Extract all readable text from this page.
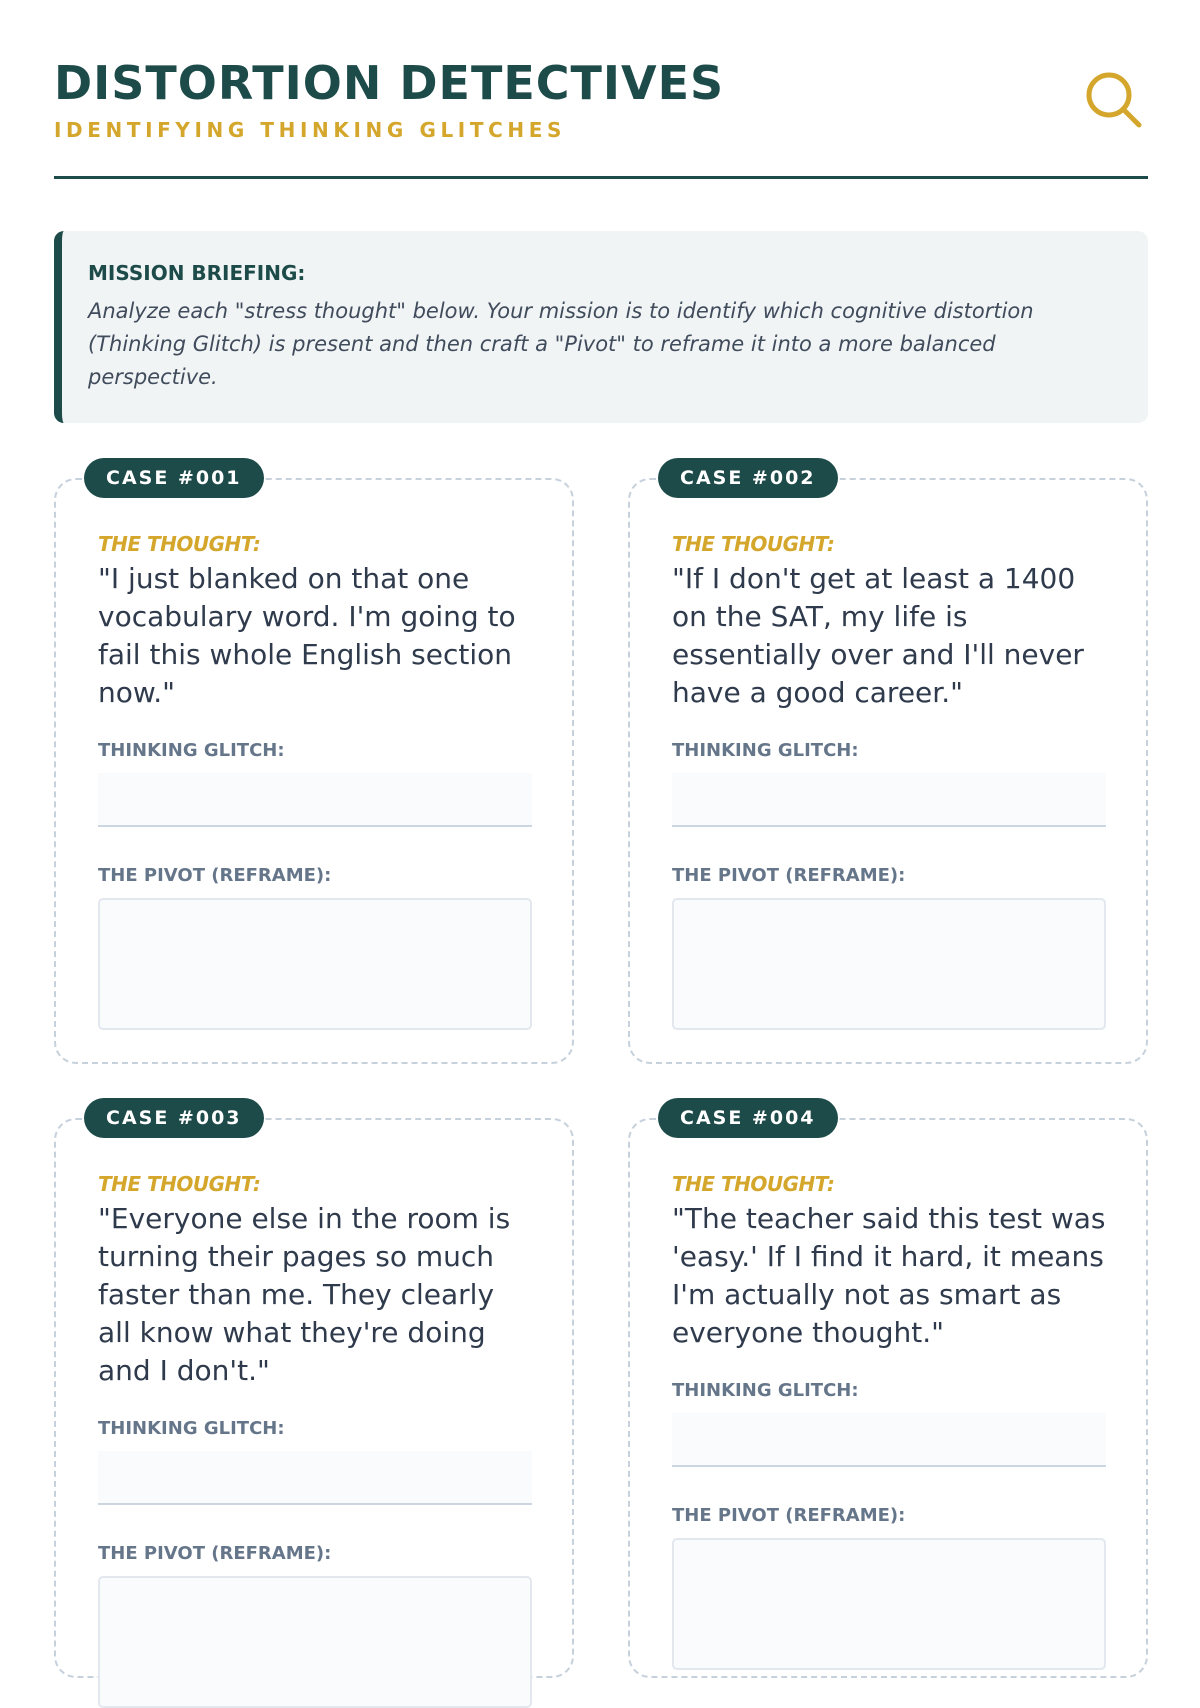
DISTORTION DETECTIVES
IDENTIFYING THINKING GLITCHES
MISSION BRIEFING:
Analyze each "stress thought" below. Your mission is to identify which cognitive distortion (Thinking Glitch) is present and then craft a "Pivot" to reframe it into a more balanced perspective.
CASE #001
THE THOUGHT:
"I just blanked on that one vocabulary word. I'm going to fail this whole English section now."
THINKING GLITCH:
THE PIVOT (REFRAME):
CASE #002
THE THOUGHT:
"If I don't get at least a 1400 on the SAT, my life is essentially over and I'll never have a good career."
THINKING GLITCH:
THE PIVOT (REFRAME):
CASE #003
THE THOUGHT:
"Everyone else in the room is turning their pages so much faster than me. They clearly all know what they're doing and I don't."
THINKING GLITCH:
THE PIVOT (REFRAME):
CASE #004
THE THOUGHT:
"The teacher said this test was 'easy.' If I find it hard, it means I'm actually not as smart as everyone thought."
THINKING GLITCH:
THE PIVOT (REFRAME):
